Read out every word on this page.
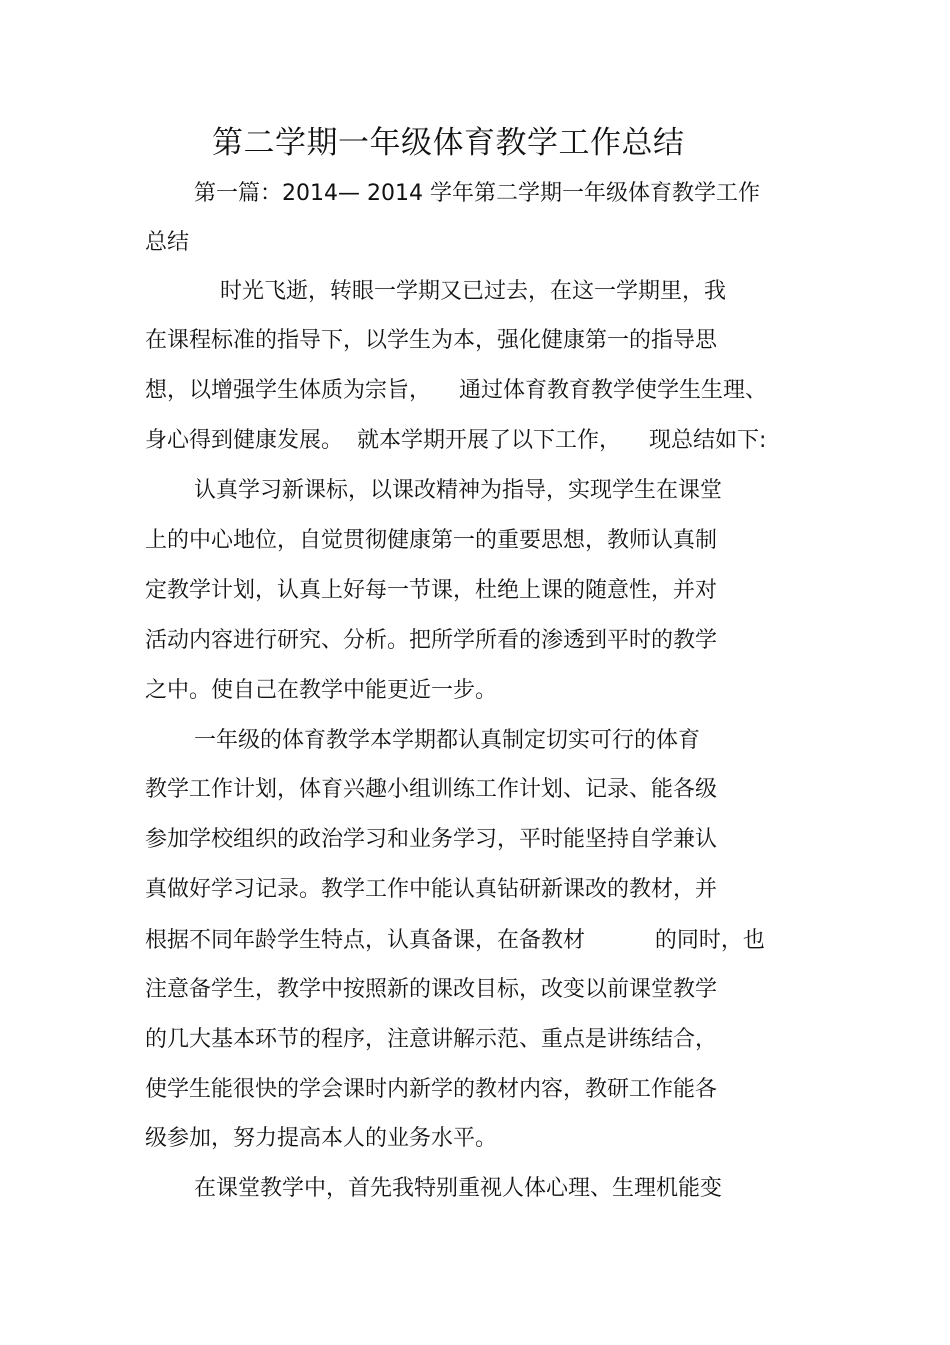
第二学期一年级体育教学工作总结
第一篇：2014— 2014 学年第二学期一年级体育教学工作
总结
时光飞逝，转眼一学期又已过去，在这一学期里，我
在课程标准的指导下，以学生为本，强化健康第一的指导思
想，以增强学生体质为宗旨，    通过体育教育教学使学生生理、
身心得到健康发展。  就本学期开展了以下工作，    现总结如下:
认真学习新课标，以课改精神为指导，实现学生在课堂
上的中心地位，自觉贯彻健康第一的重要思想，教师认真制
定教学计划，认真上好每一节课，杜绝上课的随意性，并对
活动内容进行研究、分析。把所学所看的渗透到平时的教学
之中。使自己在教学中能更近一步。
一年级的体育教学本学期都认真制定切实可行的体育
教学工作计划，体育兴趣小组训练工作计划、记录、能各级
参加学校组织的政治学习和业务学习，平时能坚持自学兼认
真做好学习记录。教学工作中能认真钻研新课改的教材，并
根据不同年龄学生特点，认真备课，在备教材          的同时，也
注意备学生，教学中按照新的课改目标，改变以前课堂教学
的几大基本环节的程序，注意讲解示范、重点是讲练结合，
使学生能很快的学会课时内新学的教材内容，教研工作能各
级参加，努力提高本人的业务水平。
在课堂教学中，首先我特别重视人体心理、生理机能变
